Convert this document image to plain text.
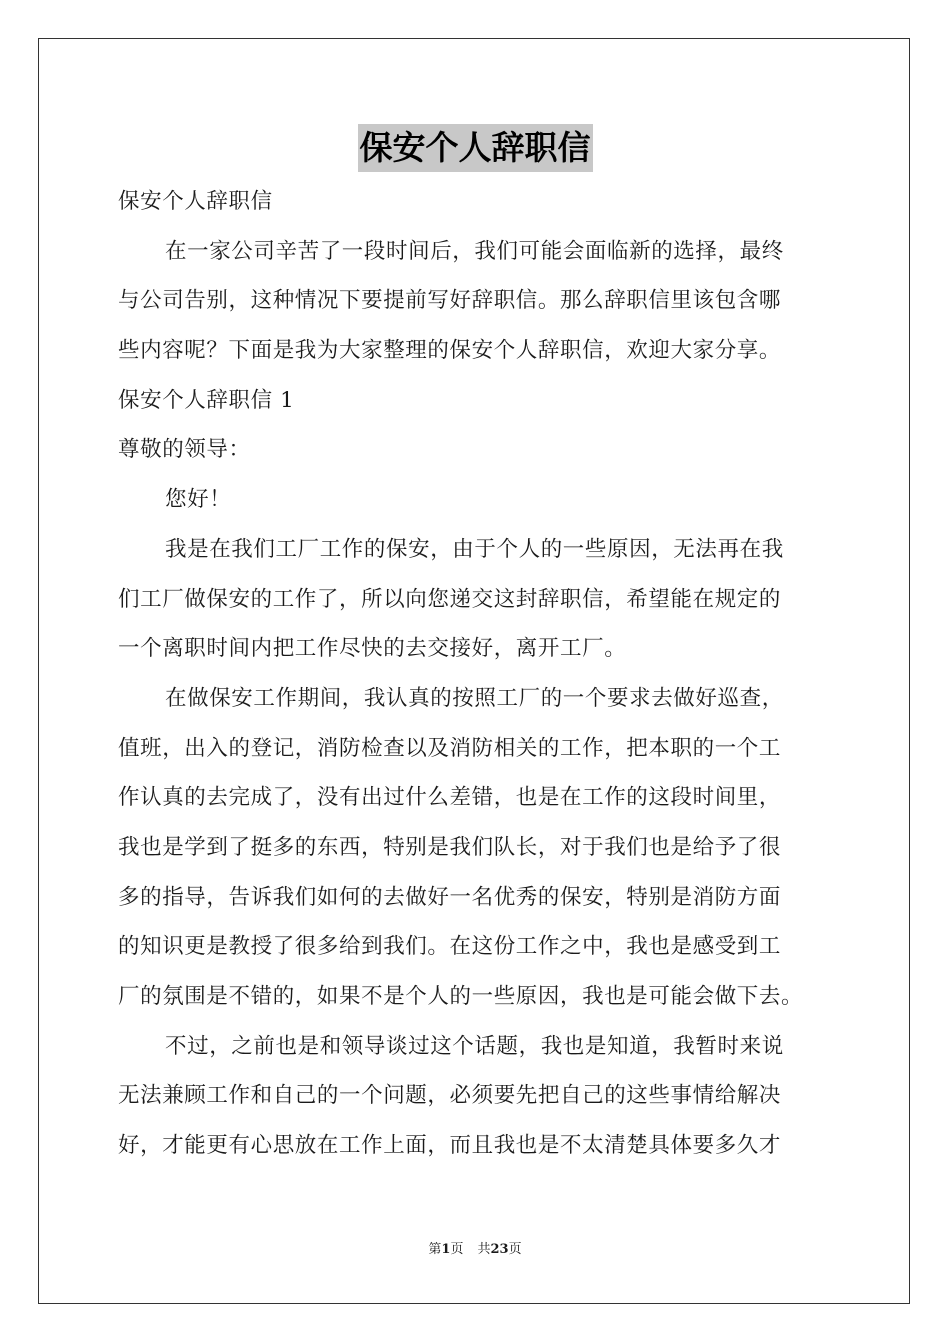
保安个人辞职信
保安个人辞职信
在一家公司辛苦了一段时间后，我们可能会面临新的选择，最终
与公司告别，这种情况下要提前写好辞职信。那么辞职信里该包含哪
些内容呢？下面是我为大家整理的保安个人辞职信，欢迎大家分享。
保安个人辞职信 1
尊敬的领导：
您好！
我是在我们工厂工作的保安，由于个人的一些原因，无法再在我
们工厂做保安的工作了，所以向您递交这封辞职信，希望能在规定的
一个离职时间内把工作尽快的去交接好，离开工厂。
在做保安工作期间，我认真的按照工厂的一个要求去做好巡查，
值班，出入的登记，消防检查以及消防相关的工作，把本职的一个工
作认真的去完成了，没有出过什么差错，也是在工作的这段时间里，
我也是学到了挺多的东西，特别是我们队长，对于我们也是给予了很
多的指导，告诉我们如何的去做好一名优秀的保安，特别是消防方面
的知识更是教授了很多给到我们。在这份工作之中，我也是感受到工
厂的氛围是不错的，如果不是个人的一些原因，我也是可能会做下去。
不过，之前也是和领导谈过这个话题，我也是知道，我暂时来说
无法兼顾工作和自己的一个问题，必须要先把自己的这些事情给解决
好，才能更有心思放在工作上面，而且我也是不太清楚具体要多久才
第1页 共23页
